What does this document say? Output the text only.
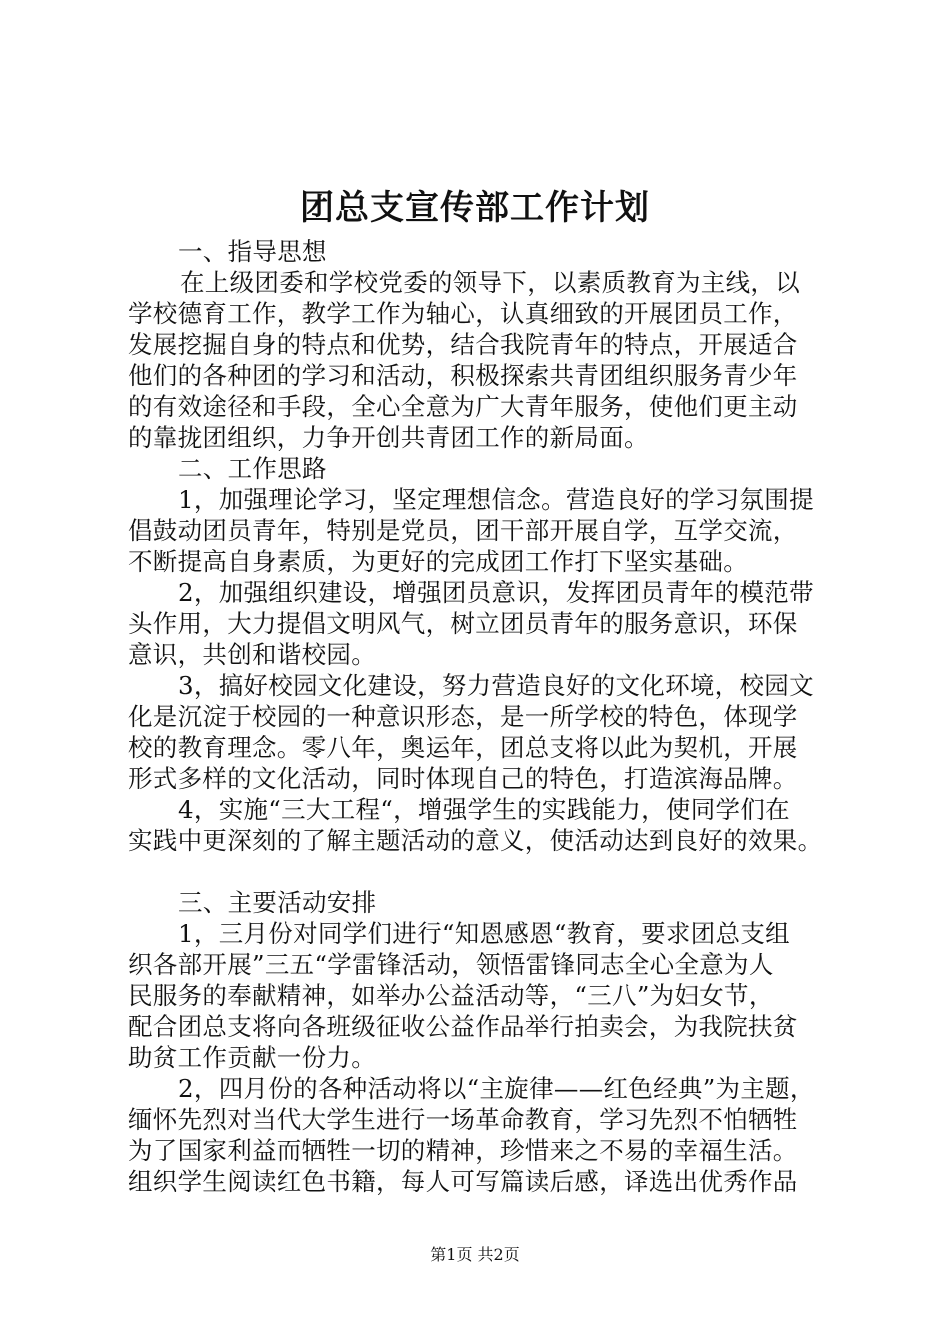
团总支宣传部工作计划
一、指导思想
在上级团委和学校党委的领导下，以素质教育为主线，以
学校德育工作，教学工作为轴心，认真细致的开展团员工作，
发展挖掘自身的特点和优势，结合我院青年的特点，开展适合
他们的各种团的学习和活动，积极探索共青团组织服务青少年
的有效途径和手段，全心全意为广大青年服务，使他们更主动
的靠拢团组织，力争开创共青团工作的新局面。
二、工作思路
1，加强理论学习，坚定理想信念。营造良好的学习氛围提
倡鼓动团员青年，特别是党员，团干部开展自学，互学交流，
不断提高自身素质，为更好的完成团工作打下坚实基础。
2，加强组织建设，增强团员意识，发挥团员青年的模范带
头作用，大力提倡文明风气，树立团员青年的服务意识，环保
意识，共创和谐校园。
3，搞好校园文化建设，努力营造良好的文化环境，校园文
化是沉淀于校园的一种意识形态，是一所学校的特色，体现学
校的教育理念。零八年，奥运年，团总支将以此为契机，开展
形式多样的文化活动，同时体现自己的特色，打造滨海品牌。
4，实施“三大工程“，增强学生的实践能力，使同学们在
实践中更深刻的了解主题活动的意义，使活动达到良好的效果。
三、主要活动安排
1，三月份对同学们进行“知恩感恩“教育，要求团总支组
织各部开展”三五“学雷锋活动，领悟雷锋同志全心全意为人
民服务的奉献精神，如举办公益活动等，“三八”为妇女节，
配合团总支将向各班级征收公益作品举行拍卖会，为我院扶贫
助贫工作贡献一份力。
2，四月份的各种活动将以“主旋律——红色经典”为主题，
缅怀先烈对当代大学生进行一场革命教育，学习先烈不怕牺牲
为了国家利益而牺牲一切的精神，珍惜来之不易的幸福生活。
组织学生阅读红色书籍，每人可写篇读后感，译选出优秀作品
第1页 共2页
